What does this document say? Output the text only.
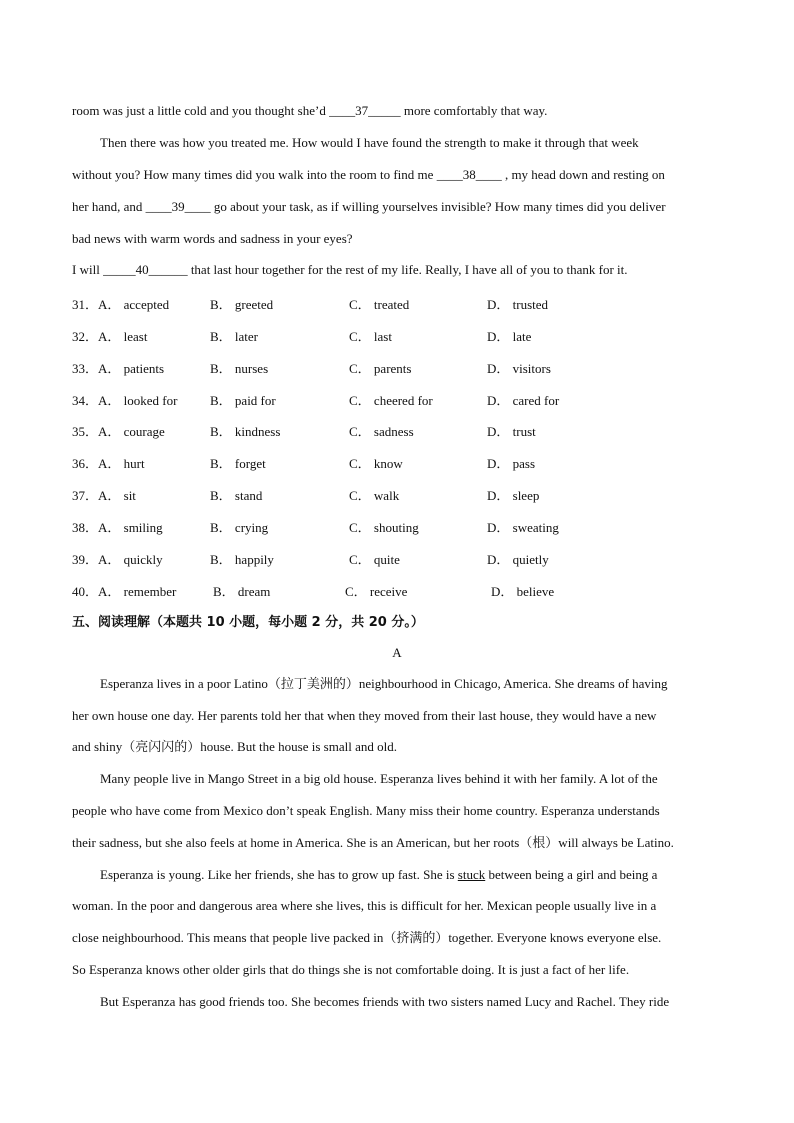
room was just a little cold and you thought she’d ____37_____ more comfortably that way.
Then there was how you treated me. How would I have found the strength to make it through that week
without you? How many times did you walk into the room to find me ____38____ , my head down and resting on
her hand, and ____39____ go about your task, as if willing yourselves invisible? How many times did you deliver
bad news with warm words and sadness in your eyes?
I will _____40______ that last hour together for the rest of my life. Really, I have all of you to thank for it.
31．A． accepted	B． greeted	C． treated	D． trusted
32．A． least	B． later	C． last	D． late
33．A． patients	B． nurses	C． parents	D． visitors
34．A． looked for	B． paid for	C． cheered for	D． cared for
35．A． courage	B． kindness	C． sadness	D． trust
36．A． hurt	B． forget	C． know	D． pass
37．A． sit	B． stand	C． walk	D． sleep
38．A． smiling	B． crying	C． shouting	D． sweating
39．A． quickly	B． happily	C． quite	D． quietly
40．A． remember	B． dream	C． receive	D． believe
五、阅读理解（本题共 10 小题，每小题 2 分，共 20 分。）
A
Esperanza lives in a poor Latino（拉丁美洲的）neighbourhood in Chicago, America. She dreams of having
her own house one day. Her parents told her that when they moved from their last house, they would have a new
and shiny（亮闪闪的）house. But the house is small and old.
Many people live in Mango Street in a big old house. Esperanza lives behind it with her family. A lot of the
people who have come from Mexico don’t speak English. Many miss their home country. Esperanza understands
their sadness, but she also feels at home in America. She is an American, but her roots（根）will always be Latino.
Esperanza is young. Like her friends, she has to grow up fast. She is stuck between being a girl and being a
woman. In the poor and dangerous area where she lives, this is difficult for her. Mexican people usually live in a
close neighbourhood. This means that people live packed in（挤满的）together. Everyone knows everyone else.
So Esperanza knows other older girls that do things she is not comfortable doing. It is just a fact of her life.
But Esperanza has good friends too. She becomes friends with two sisters named Lucy and Rachel. They ride
